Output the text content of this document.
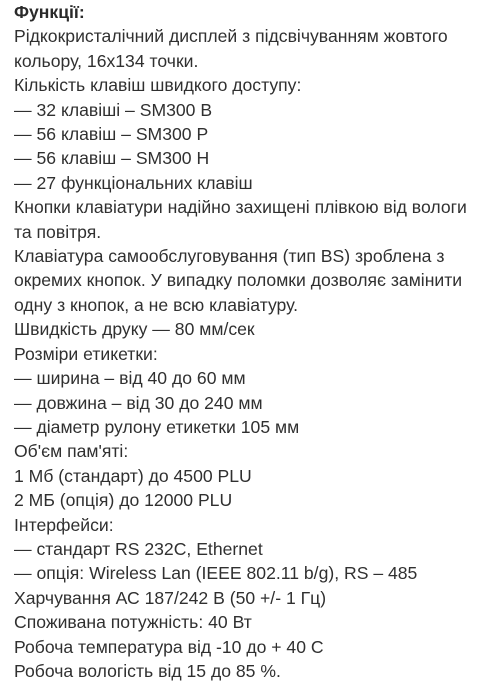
Функції:
Рідкокристалічний дисплей з підсвічуванням жовтого
кольору, 16х134 точки.
Кількість клавіш швидкого доступу:
— 32 клавіші – SM300 B
— 56 клавіш – SM300 P
— 56 клавіш – SM300 H
— 27 функціональних клавіш
Кнопки клавіатури надійно захищені плівкою від вологи
та повітря.
Клавіатура самообслуговування (тип BS) зроблена з
окремих кнопок. У випадку поломки дозволяє замінити
одну з кнопок, а не всю клавіатуру.
Швидкість друку — 80 мм/сек
Розміри етикетки:
— ширина – від 40 до 60 мм
— довжина – від 30 до 240 мм
— діаметр рулону етикетки 105 мм
Об'єм пам'яті:
1 Мб (стандарт) до 4500 PLU
2 МБ (опція) до 12000 PLU
Інтерфейси:
— стандарт RS 232C, Ethernet
— опція: Wireless Lan (IEEE 802.11 b/g), RS – 485
Харчування АС 187/242 В (50 +/- 1 Гц)
Споживана потужність: 40 Вт
Робоча температура від -10 до + 40 С
Робоча вологість від 15 до 85 %.
